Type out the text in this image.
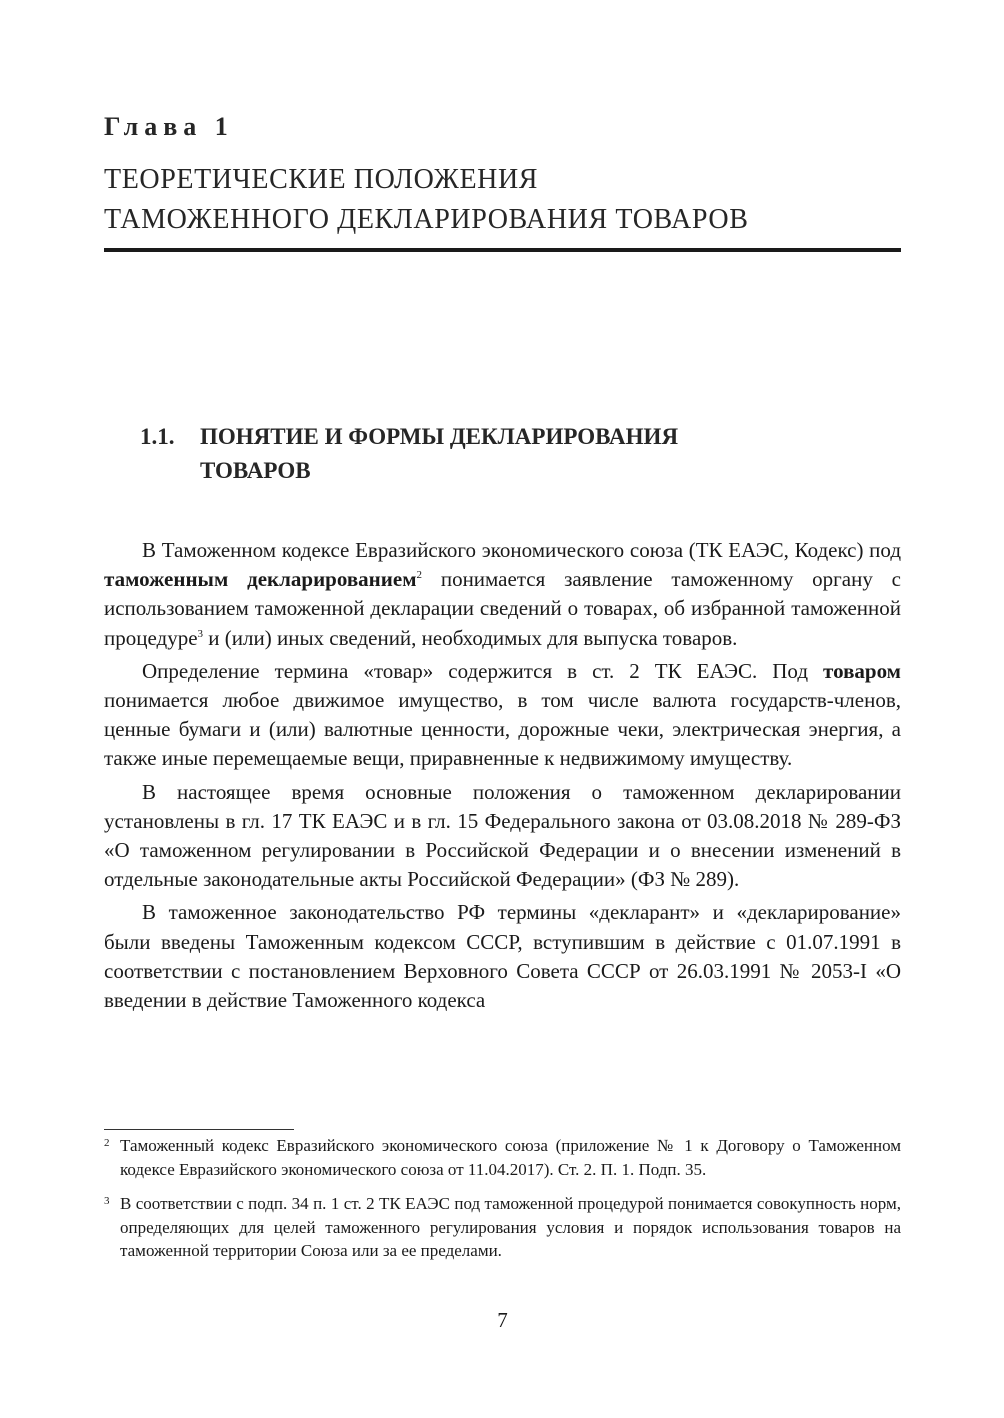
Глава 1
ТЕОРЕТИЧЕСКИЕ ПОЛОЖЕНИЯ
ТАМОЖЕННОГО ДЕКЛАРИРОВАНИЯ ТОВАРОВ
1.1.	ПОНЯТИЕ И ФОРМЫ ДЕКЛАРИРОВАНИЯ
ТОВАРОВ

В Таможенном кодексе Евразийского экономического союза (ТК ЕАЭС, Кодекс) под таможенным декларированием$^2$ понимается заявление таможенному органу с использованием таможенной декларации сведений о товарах, об избранной таможенной процедуре$^3$ и (или) иных сведений, необходимых для выпуска товаров.

Определение термина «товар» содержится в ст. 2 ТК ЕАЭС. Под товаром понимается любое движимое имущество, в том числе валюта государств-членов, ценные бумаги и (или) валютные ценности, дорожные чеки, электрическая энергия, а также иные перемещаемые вещи, приравненные к недвижимому имуществу.

В настоящее время основные положения о таможенном декларировании установлены в гл. 17 ТК ЕАЭС и в гл. 15 Федерального закона от 03.08.2018 № 289-ФЗ «О таможенном регулировании в Российской Федерации и о внесении изменений в отдельные законодательные акты Российской Федерации» (ФЗ № 289).

В таможенное законодательство РФ термины «декларант» и «декларирование» были введены Таможенным кодексом СССР, вступившим в действие с 01.07.1991 в соответствии с постановлением Верховного Совета СССР от 26.03.1991 № 2053-I «О введении в действие Таможенного кодекса

2 Таможенный кодекс Евразийского экономического союза (приложение № 1 к Договору о Таможенном кодексе Евразийского экономического союза от 11.04.2017). Ст. 2. П. 1. Подп. 35.
3 В соответствии с подп. 34 п. 1 ст. 2 ТК ЕАЭС под таможенной процедурой понимается совокупность норм, определяющих для целей таможенного регулирования условия и порядок использования товаров на таможенной территории Союза или за ее пределами.
7
